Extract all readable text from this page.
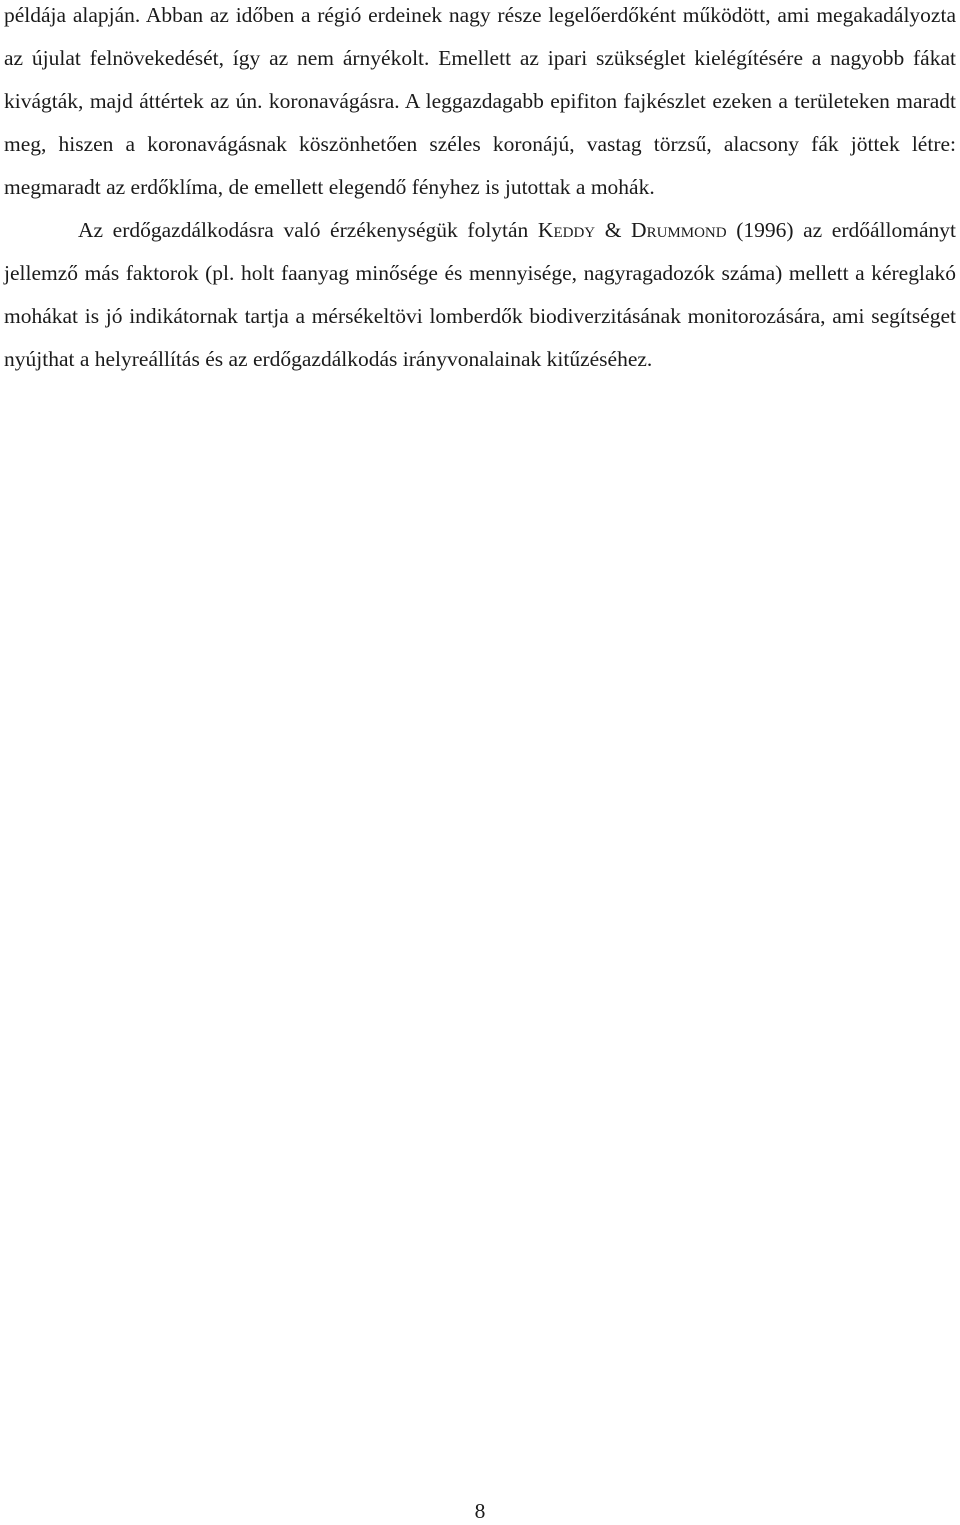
példája alapján. Abban az időben a régió erdeinek nagy része legelőerdőként működött, ami megakadályozta az újulat felnövekedését, így az nem árnyékolt. Emellett az ipari szükséglet kielégítésére a nagyobb fákat kivágták, majd áttértek az ún. koronavágásra. A leggazdagabb epifiton fajkészlet ezeken a területeken maradt meg, hiszen a koronavágásnak köszönhetően széles koronájú, vastag törzsű, alacsony fák jöttek létre: megmaradt az erdőklíma, de emellett elegendő fényhez is jutottak a mohák.

Az erdőgazdálkodásra való érzékenységük folytán Keddy & Drummond (1996) az erdőállományt jellemző más faktorok (pl. holt faanyag minősége és mennyisége, nagyragadozók száma) mellett a kéreglakó mohákat is jó indikátornak tartja a mérsékeltövi lomberdők biodiverzitásának monitorozására, ami segítséget nyújthat a helyreállítás és az erdőgazdálkodás irányvonalainak kitűzéséhez.

8
